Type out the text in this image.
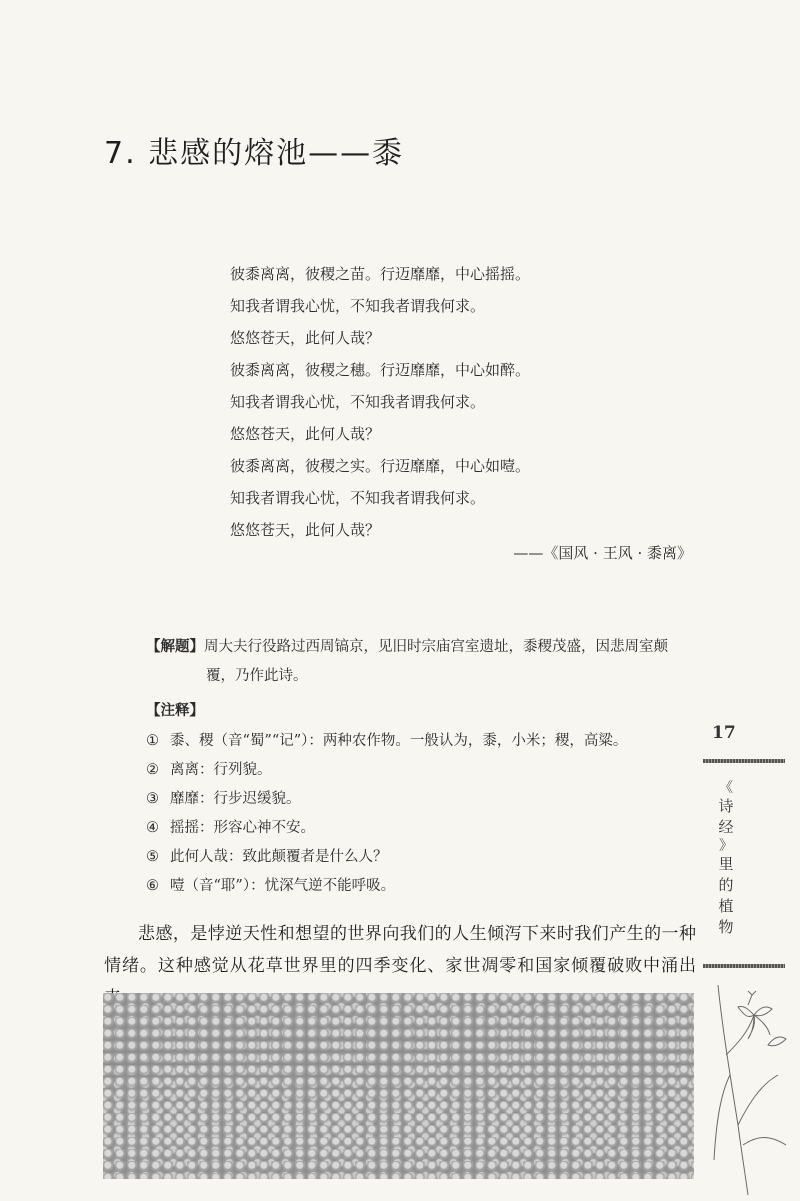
7. 悲感的熔池——黍
彼黍离离，彼稷之苗。行迈靡靡，中心摇摇。
知我者谓我心忧，不知我者谓我何求。
悠悠苍天，此何人哉？
彼黍离离，彼稷之穗。行迈靡靡，中心如醉。
知我者谓我心忧，不知我者谓我何求。
悠悠苍天，此何人哉？
彼黍离离，彼稷之实。行迈靡靡，中心如噎。
知我者谓我心忧，不知我者谓我何求。
悠悠苍天，此何人哉？
——《国风 · 王风 · 黍离》
【解题】周大夫行役路过西周镐京，见旧时宗庙宫室遗址，黍稷茂盛，因悲周室颠覆，乃作此诗。
【注释】
① 黍、稷（音“蜀”“记”）：两种农作物。一般认为，黍，小米；稷，高粱。
② 离离：行列貌。
③ 靡靡：行步迟缓貌。
④ 摇摇：形容心神不安。
⑤ 此何人哉：致此颠覆者是什么人？
⑥ 噎（音“耶”）：忧深气逆不能呼吸。
悲感，是悖逆天性和想望的世界向我们的人生倾泻下来时我们产生的一种情绪。这种感觉从花草世界里的四季变化、家世凋零和国家倾覆破败中涌出
17
《
诗
经
》
里
的
植
物
